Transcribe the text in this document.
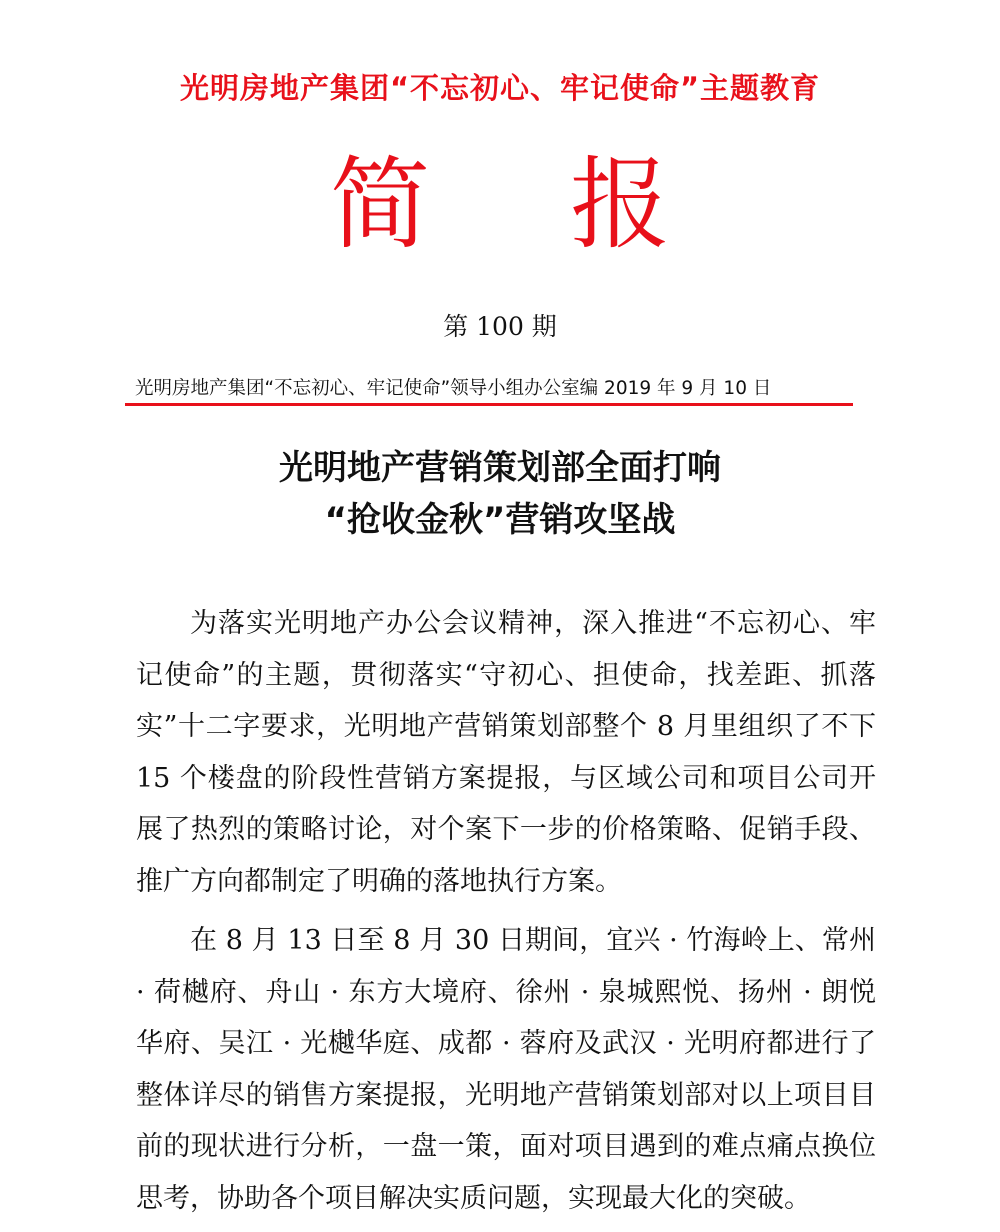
光明房地产集团“不忘初心、牢记使命”主题教育
简报
第 100 期
光明房地产集团“不忘初心、牢记使命”领导小组办公室编 2019 年 9 月 10 日
光明地产营销策划部全面打响
“抢收金秋”营销攻坚战

为落实光明地产办公会议精神，深入推进“不忘初心、牢记使命”的主题，贯彻落实“守初心、担使命，找差距、抓落实”十二字要求，光明地产营销策划部整个 8 月里组织了不下 15 个楼盘的阶段性营销方案提报，与区域公司和项目公司开展了热烈的策略讨论，对个案下一步的价格策略、促销手段、推广方向都制定了明确的落地执行方案。

在 8 月 13 日至 8 月 30 日期间，宜兴 · 竹海岭上、常州 · 荷樾府、舟山 · 东方大境府、徐州 · 泉城熙悦、扬州 · 朗悦华府、吴江 · 光樾华庭、成都 · 蓉府及武汉 · 光明府都进行了整体详尽的销售方案提报，光明地产营销策划部对以上项目目前的现状进行分析，一盘一策，面对项目遇到的难点痛点换位思考，协助各个项目解决实质问题，实现最大化的突破。
